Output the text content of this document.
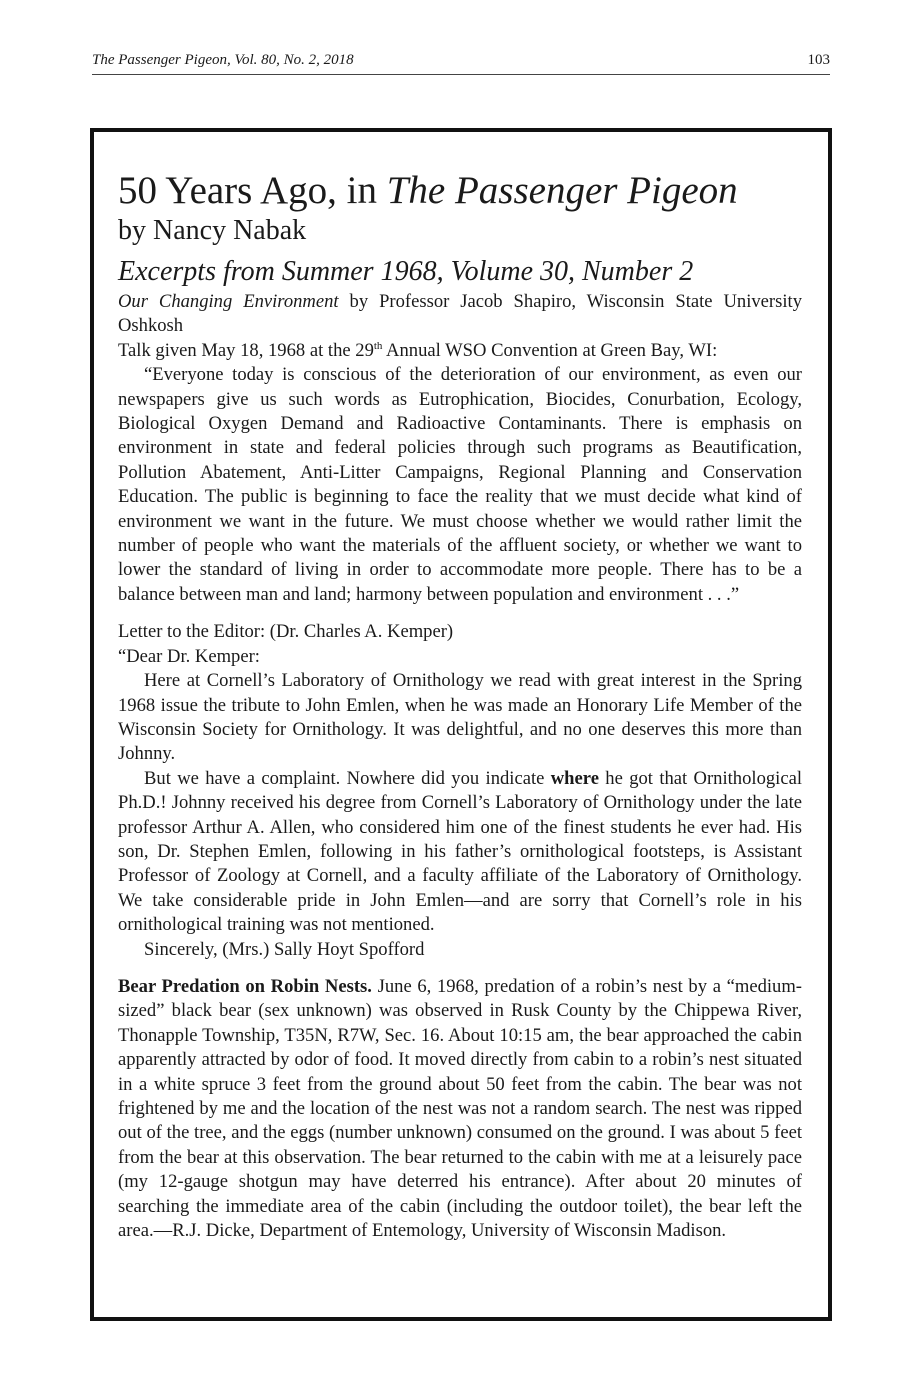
The Passenger Pigeon, Vol. 80, No. 2, 2018	103
50 Years Ago, in The Passenger Pigeon

by Nancy Nabak

Excerpts from Summer 1968, Volume 30, Number 2

Our Changing Environment by Professor Jacob Shapiro, Wisconsin State University Oshkosh

Talk given May 18, 1968 at the 29th Annual WSO Convention at Green Bay, WI:

“Everyone today is conscious of the deterioration of our environment, as even our newspapers give us such words as Eutrophication, Biocides, Conurbation, Ecology, Biological Oxygen Demand and Radioactive Contaminants. There is emphasis on environment in state and federal policies through such programs as Beautification, Pollution Abatement, Anti-Litter Campaigns, Regional Planning and Conservation Education. The public is beginning to face the reality that we must decide what kind of environment we want in the future. We must choose whether we would rather limit the number of people who want the materials of the affluent society, or whether we want to lower the standard of living in order to accommodate more people. There has to be a balance between man and land; harmony between population and environment . . .”

Letter to the Editor: (Dr. Charles A. Kemper)

“Dear Dr. Kemper:

Here at Cornell’s Laboratory of Ornithology we read with great interest in the Spring 1968 issue the tribute to John Emlen, when he was made an Honorary Life Member of the Wisconsin Society for Ornithology. It was delightful, and no one deserves this more than Johnny.

But we have a complaint. Nowhere did you indicate where he got that Ornithological Ph.D.! Johnny received his degree from Cornell’s Laboratory of Ornithology under the late professor Arthur A. Allen, who considered him one of the finest students he ever had. His son, Dr. Stephen Emlen, following in his father’s ornithological footsteps, is Assistant Professor of Zoology at Cornell, and a faculty affiliate of the Laboratory of Ornithology. We take considerable pride in John Emlen—and are sorry that Cornell’s role in his ornithological training was not mentioned.

Sincerely, (Mrs.) Sally Hoyt Spofford

Bear Predation on Robin Nests. June 6, 1968, predation of a robin’s nest by a “medium-sized” black bear (sex unknown) was observed in Rusk County by the Chippewa River, Thonapple Township, T35N, R7W, Sec. 16. About 10:15 am, the bear approached the cabin apparently attracted by odor of food. It moved directly from cabin to a robin’s nest situated in a white spruce 3 feet from the ground about 50 feet from the cabin. The bear was not frightened by me and the location of the nest was not a random search. The nest was ripped out of the tree, and the eggs (number unknown) consumed on the ground. I was about 5 feet from the bear at this observation. The bear returned to the cabin with me at a leisurely pace (my 12-gauge shotgun may have deterred his entrance). After about 20 minutes of searching the immediate area of the cabin (including the outdoor toilet), the bear left the area.—R.J. Dicke, Department of Entemology, University of Wisconsin Madison.
